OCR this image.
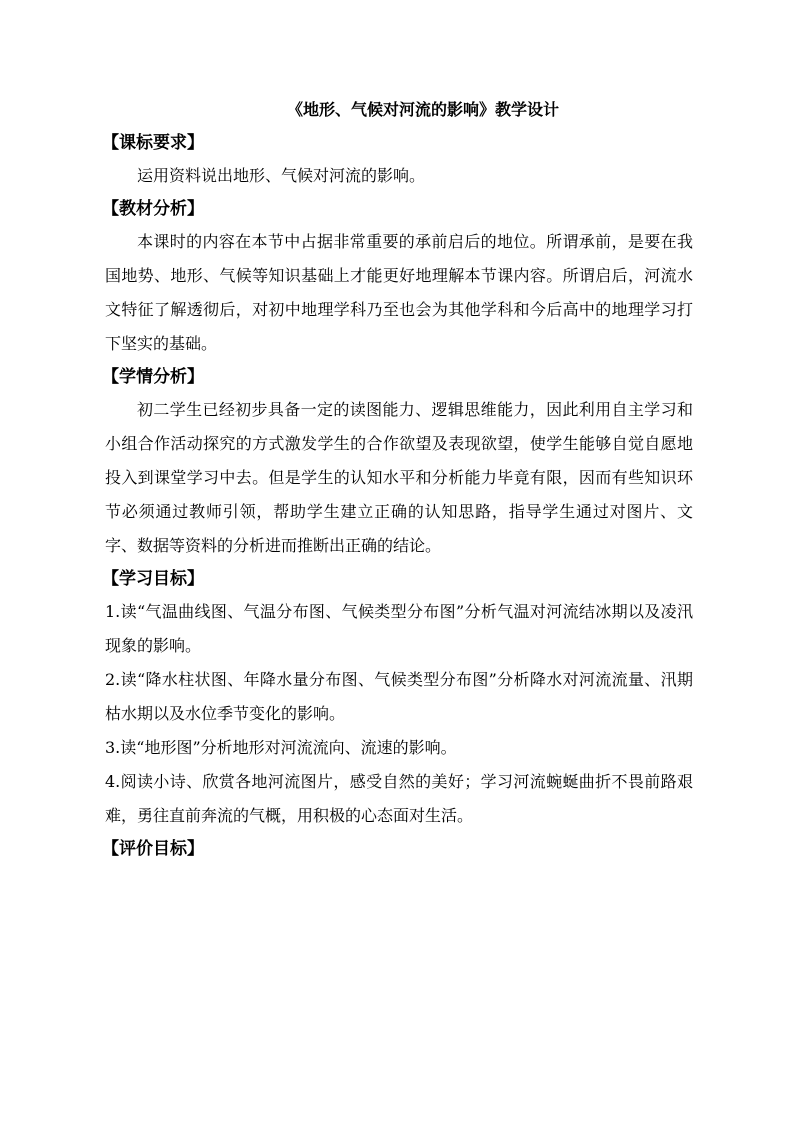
《地形、气候对河流的影响》教学设计

【课标要求】

运用资料说出地形、气候对河流的影响。

【教材分析】

本课时的内容在本节中占据非常重要的承前启后的地位。所谓承前，是要在我国地势、地形、气候等知识基础上才能更好地理解本节课内容。所谓启后，河流水文特征了解透彻后，对初中地理学科乃至也会为其他学科和今后高中的地理学习打下坚实的基础。

【学情分析】

初二学生已经初步具备一定的读图能力、逻辑思维能力，因此利用自主学习和小组合作活动探究的方式激发学生的合作欲望及表现欲望，使学生能够自觉自愿地投入到课堂学习中去。但是学生的认知水平和分析能力毕竟有限，因而有些知识环节必须通过教师引领，帮助学生建立正确的认知思路，指导学生通过对图片、文字、数据等资料的分析进而推断出正确的结论。

【学习目标】

1.读“气温曲线图、气温分布图、气候类型分布图”分析气温对河流结冰期以及凌汛现象的影响。

2.读“降水柱状图、年降水量分布图、气候类型分布图”分析降水对河流流量、汛期枯水期以及水位季节变化的影响。

3.读“地形图”分析地形对河流流向、流速的影响。

4.阅读小诗、欣赏各地河流图片，感受自然的美好；学习河流蜿蜒曲折不畏前路艰难，勇往直前奔流的气概，用积极的心态面对生活。

【评价目标】
